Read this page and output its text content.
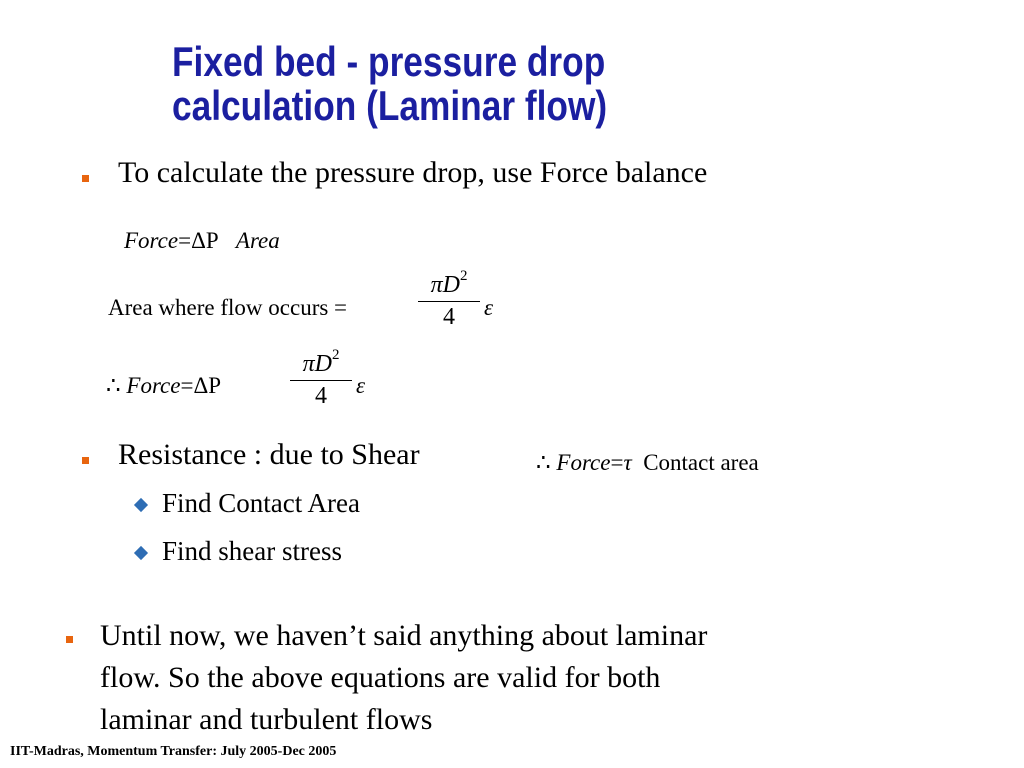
Fixed bed - pressure drop
calculation (Laminar flow)
To calculate the pressure drop, use Force balance
Force=ΔP Area
Area where flow occurs =
$\pi D^2$
4	ε
∴ Force=ΔP
$\pi D^2$
4	ε
Resistance : due to Shear	∴ Force=τ Contact area
Find Contact Area
Find shear stress
Until now, we haven’t said anything about laminar
flow. So the above equations are valid for both
laminar and turbulent flows
IIT-Madras, Momentum Transfer: July 2005-Dec 2005
